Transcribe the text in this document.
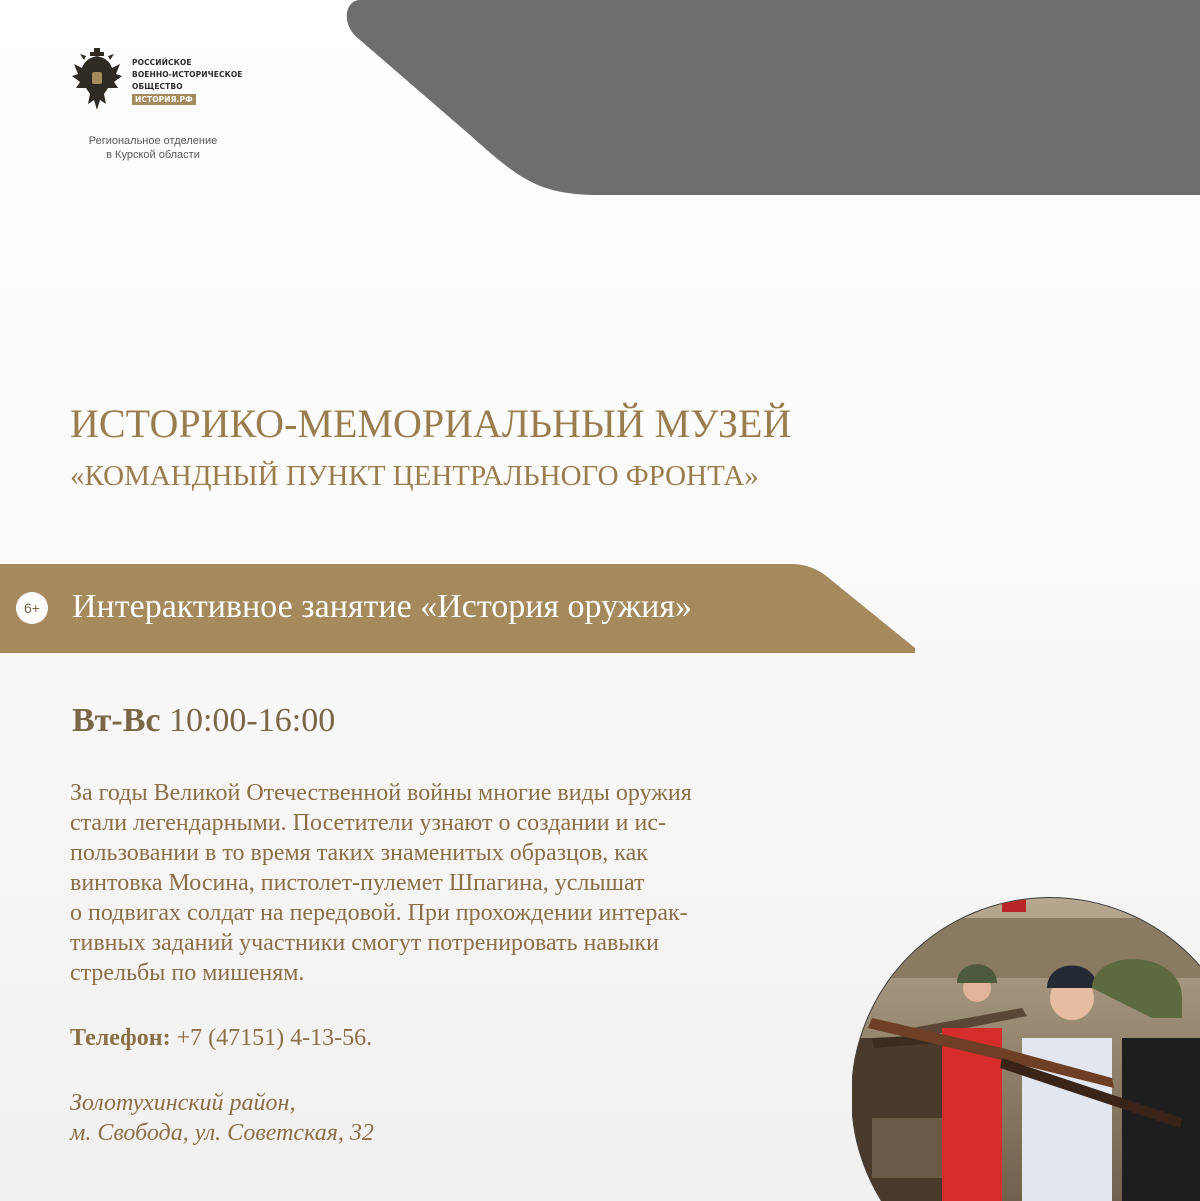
РОССИЙСКОЕ
ВОЕННО-ИСТОРИЧЕСКОЕ
ОБЩЕСТВО
ИСТОРИЯ.РФ
Региональное отделение
в Курской области
ИСТОРИКО-МЕМОРИАЛЬНЫЙ МУЗЕЙ
«КОМАНДНЫЙ ПУНКТ ЦЕНТРАЛЬНОГО ФРОНТА»
6+ Интерактивное занятие «История оружия»
Вт-Вс 10:00-16:00
За годы Великой Отечественной войны многие виды оружия
стали легендарными. Посетители узнают о создании и ис-
пользовании в то время таких знаменитых образцов, как
винтовка Мосина, пистолет-пулемет Шпагина, услышат
о подвигах солдат на передовой. При прохождении интерак-
тивных заданий участники смогут потренировать навыки
стрельбы по мишеням.
Телефон: +7 (47151) 4-13-56.
Золотухинский район,
м. Свобода, ул. Советская, 32
